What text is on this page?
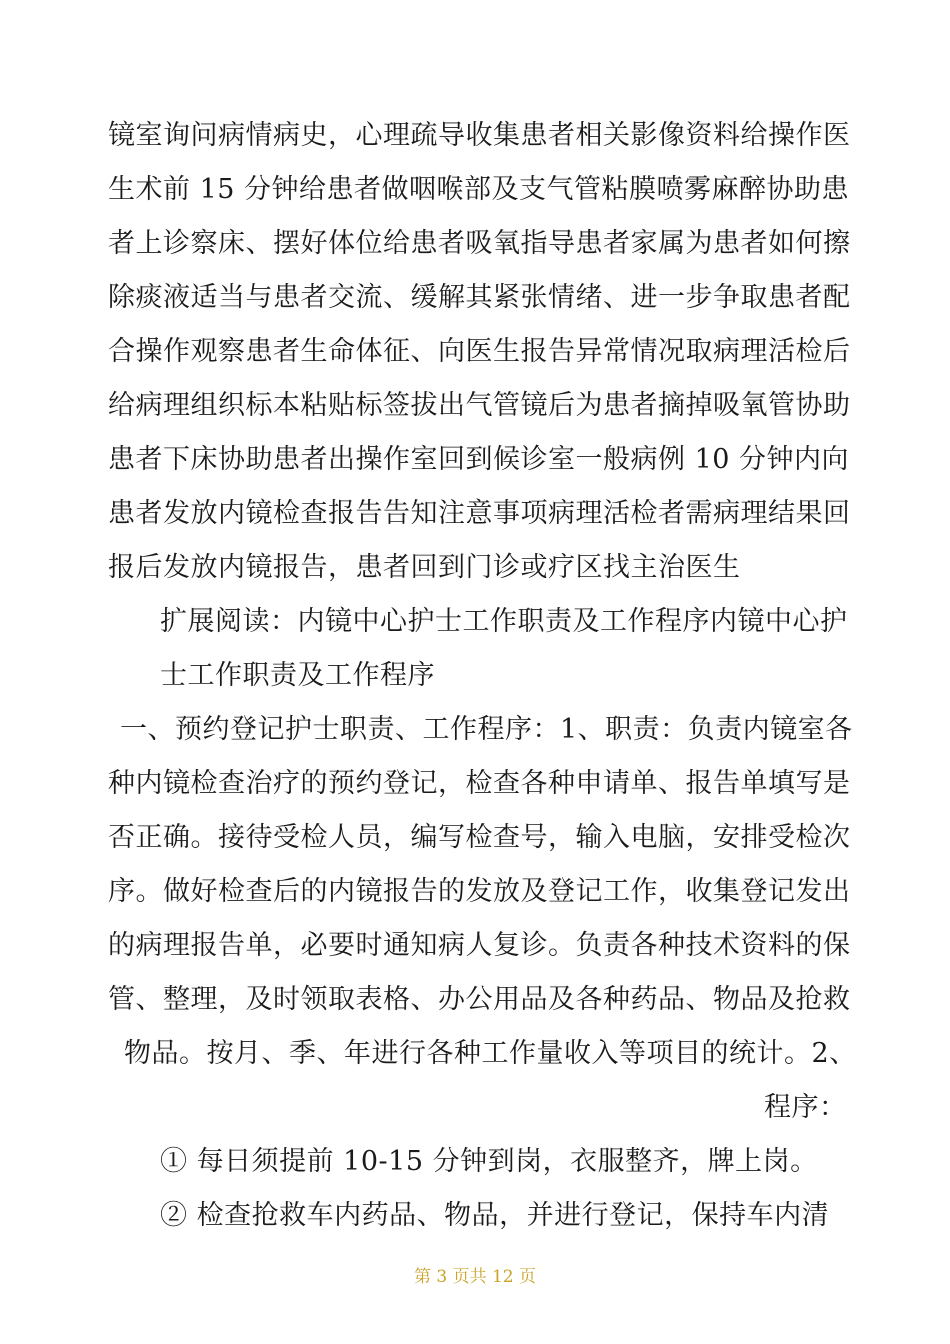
镜室询问病情病史，心理疏导收集患者相关影像资料给操作医
生术前 15 分钟给患者做咽喉部及支气管粘膜喷雾麻醉协助患
者上诊察床、摆好体位给患者吸氧指导患者家属为患者如何擦
除痰液适当与患者交流、缓解其紧张情绪、进一步争取患者配
合操作观察患者生命体征、向医生报告异常情况取病理活检后
给病理组织标本粘贴标签拔出气管镜后为患者摘掉吸氧管协助
患者下床协助患者出操作室回到候诊室一般病例 10 分钟内向
患者发放内镜检查报告告知注意事项病理活检者需病理结果回
报后发放内镜报告，患者回到门诊或疗区找主治医生
扩展阅读：内镜中心护士工作职责及工作程序内镜中心护
士工作职责及工作程序
一、预约登记护士职责、工作程序：1、职责：负责内镜室各
种内镜检查治疗的预约登记，检查各种申请单、报告单填写是
否正确。接待受检人员，编写检查号，输入电脑，安排受检次
序。做好检查后的内镜报告的发放及登记工作，收集登记发出
的病理报告单，必要时通知病人复诊。负责各种技术资料的保
管、整理，及时领取表格、办公用品及各种药品、物品及抢救
物品。按月、季、年进行各种工作量收入等项目的统计。2、
程序：
① 每日须提前 10-15 分钟到岗，衣服整齐，牌上岗。
② 检查抢救车内药品、物品，并进行登记，保持车内清
第 3 页共 12 页
